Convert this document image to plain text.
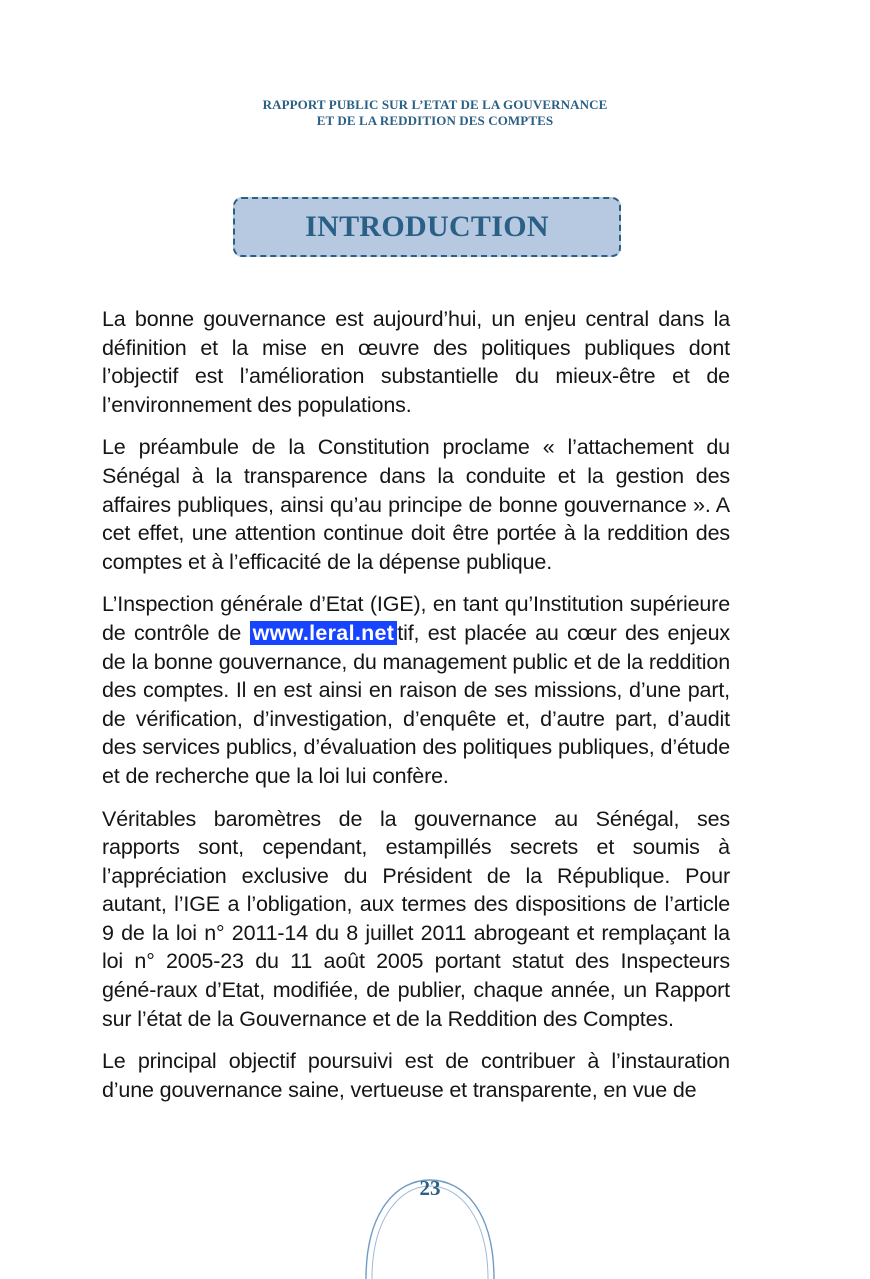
RAPPORT PUBLIC SUR L’ETAT DE LA GOUVERNANCE
ET DE LA REDDITION DES COMPTES
INTRODUCTION

La bonne gouvernance est aujourd’hui, un enjeu central dans la définition et la mise en œuvre des politiques publiques dont l’objectif est l’amélioration substantielle du mieux-être et de l’environnement des populations.

Le préambule de la Constitution proclame « l’attachement du Sénégal à la transparence dans la conduite et la gestion des affaires publiques, ainsi qu’au principe de bonne gouvernance ». A cet effet, une attention continue doit être portée à la reddition des comptes et à l’efficacité de la dépense publique.

L’Inspection générale d’Etat (IGE), en tant qu’Institution supérieure de contrôle de www.leral.net tif, est placée au cœur des enjeux de la bonne gouvernance, du management public et de la reddition des comptes. Il en est ainsi en raison de ses missions, d’une part, de vérification, d’investigation, d’enquête et, d’autre part, d’audit des services publics, d’évaluation des politiques publiques, d’étude et de recherche que la loi lui confère.

Véritables baromètres de la gouvernance au Sénégal, ses rapports sont, cependant, estampillés secrets et soumis à l’appréciation exclusive du Président de la République. Pour autant, l’IGE a l’obligation, aux termes des dispositions de l’article 9 de la loi n° 2011-14 du 8 juillet 2011 abrogeant et remplaçant la loi n° 2005-23 du 11 août 2005 portant statut des Inspecteurs géné-raux d’Etat, modifiée, de publier, chaque année, un Rapport sur l’état de la Gouvernance et de la Reddition des Comptes.

Le principal objectif poursuivi est de contribuer à l’instauration d’une gouvernance saine, vertueuse et transparente, en vue de

23
